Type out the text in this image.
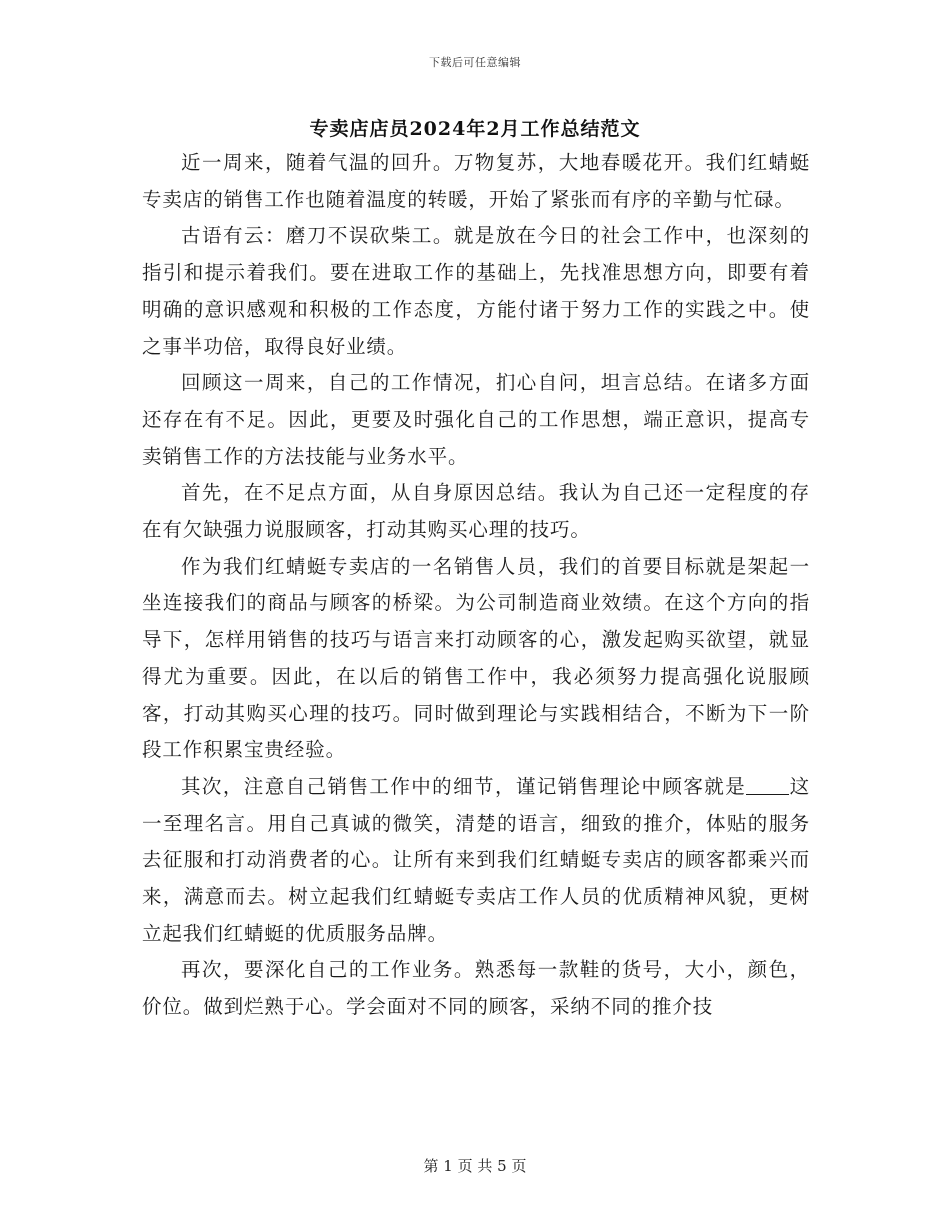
下载后可任意编辑
专卖店店员2024年2月工作总结范文

近一周来，随着气温的回升。万物复苏，大地春暖花开。我们红蜻蜓专卖店的销售工作也随着温度的转暖，开始了紧张而有序的辛勤与忙碌。

古语有云：磨刀不误砍柴工。就是放在今日的社会工作中，也深刻的指引和提示着我们。要在进取工作的基础上，先找准思想方向，即要有着明确的意识感观和积极的工作态度，方能付诸于努力工作的实践之中。使之事半功倍，取得良好业绩。

回顾这一周来，自己的工作情况，扪心自问，坦言总结。在诸多方面还存在有不足。因此，更要及时强化自己的工作思想，端正意识，提高专卖销售工作的方法技能与业务水平。

首先，在不足点方面，从自身原因总结。我认为自己还一定程度的存在有欠缺强力说服顾客，打动其购买心理的技巧。

作为我们红蜻蜓专卖店的一名销售人员，我们的首要目标就是架起一坐连接我们的商品与顾客的桥梁。为公司制造商业效绩。在这个方向的指导下，怎样用销售的技巧与语言来打动顾客的心，激发起购买欲望，就显得尤为重要。因此，在以后的销售工作中，我必须努力提高强化说服顾客，打动其购买心理的技巧。同时做到理论与实践相结合，不断为下一阶段工作积累宝贵经验。

其次，注意自己销售工作中的细节，谨记销售理论中顾客就是 这一至理名言。用自己真诚的微笑，清楚的语言，细致的推介，体贴的服务去征服和打动消费者的心。让所有来到我们红蜻蜓专卖店的顾客都乘兴而来，满意而去。树立起我们红蜻蜓专卖店工作人员的优质精神风貌，更树立起我们红蜻蜓的优质服务品牌。

再次，要深化自己的工作业务。熟悉每一款鞋的货号，大小，颜色，价位。做到烂熟于心。学会面对不同的顾客，采纳不同的推介技

第 1 页 共 5 页
